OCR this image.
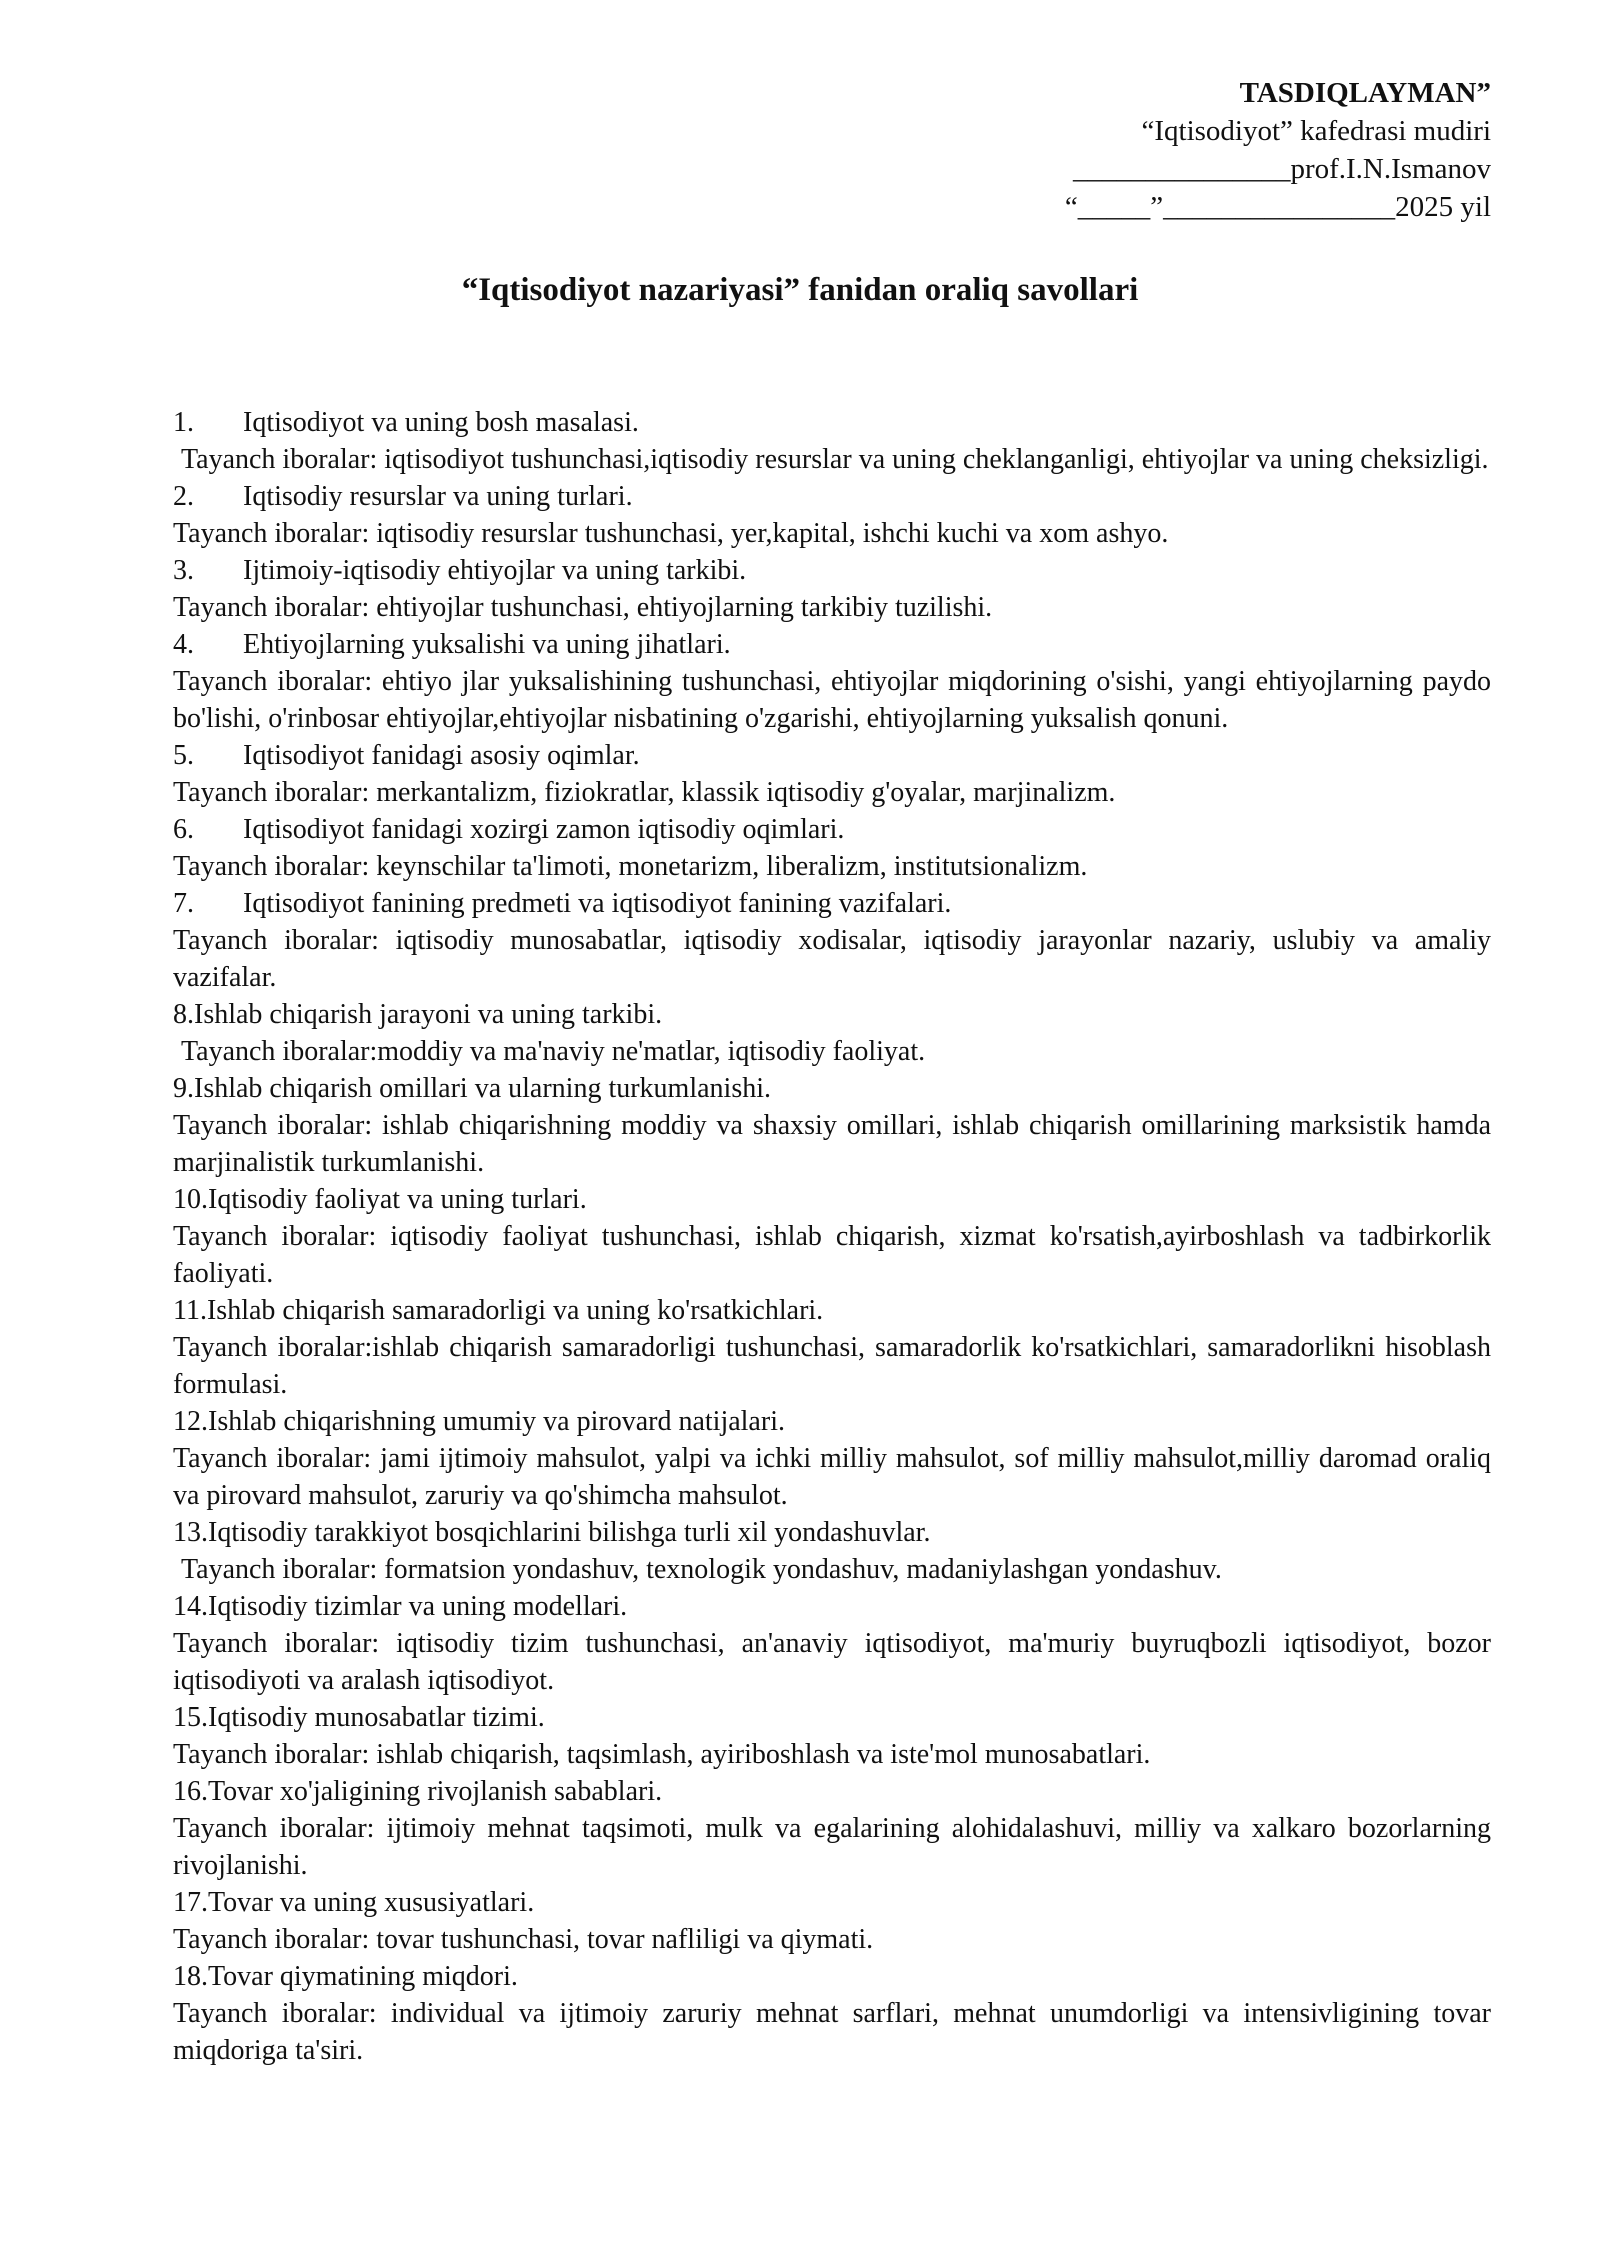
TASDIQLAYMAN”
“Iqtisodiyot” kafedrasi mudiri
_______________prof.I.N.Ismanov
“_____”________________2025 yil
“Iqtisodiyot nazariyasi” fanidan oraliq savollari

1. Iqtisodiyot va uning bosh masalasi.

Tayanch iboralar: iqtisodiyot tushunchasi,iqtisodiy resurslar va uning cheklanganligi, ehtiyojlar va uning cheksizligi.

2. Iqtisodiy resurslar va uning turlari.

Tayanch iboralar: iqtisodiy resurslar tushunchasi, yer,kapital, ishchi kuchi va xom ashyo.

3. Ijtimoiy-iqtisodiy ehtiyojlar va uning tarkibi.

Tayanch iboralar: ehtiyojlar tushunchasi, ehtiyojlarning tarkibiy tuzilishi.

4. Ehtiyojlarning yuksalishi va uning jihatlari.

Tayanch iboralar: ehtiyo jlar yuksalishining tushunchasi, ehtiyojlar miqdorining o'sishi, yangi ehtiyojlarning paydo bo'lishi, o'rinbosar ehtiyojlar,ehtiyojlar nisbatining o'zgarishi, ehtiyojlarning yuksalish qonuni.

5. Iqtisodiyot fanidagi asosiy oqimlar.

Tayanch iboralar: merkantalizm, fiziokratlar, klassik iqtisodiy g'oyalar, marjinalizm.

6. Iqtisodiyot fanidagi xozirgi zamon iqtisodiy oqimlari.

Tayanch iboralar: keynschilar ta'limoti, monetarizm, liberalizm, institutsionalizm.

7. Iqtisodiyot fanining predmeti va iqtisodiyot fanining vazifalari.

Tayanch iboralar: iqtisodiy munosabatlar, iqtisodiy xodisalar, iqtisodiy jarayonlar nazariy, uslubiy va amaliy vazifalar.

8.Ishlab chiqarish jarayoni va uning tarkibi.

Tayanch iboralar:moddiy va ma'naviy ne'matlar, iqtisodiy faoliyat.

9.Ishlab chiqarish omillari va ularning turkumlanishi.

Tayanch iboralar: ishlab chiqarishning moddiy va shaxsiy omillari, ishlab chiqarish omillarining marksistik hamda marjinalistik turkumlanishi.

10.Iqtisodiy faoliyat va uning turlari.

Tayanch iboralar: iqtisodiy faoliyat tushunchasi, ishlab chiqarish, xizmat ko'rsatish,ayirboshlash va tadbirkorlik faoliyati.

11.Ishlab chiqarish samaradorligi va uning ko'rsatkichlari.

Tayanch iboralar:ishlab chiqarish samaradorligi tushunchasi, samaradorlik ko'rsatkichlari, samaradorlikni hisoblash formulasi.

12.Ishlab chiqarishning umumiy va pirovard natijalari.

Tayanch iboralar: jami ijtimoiy mahsulot, yalpi va ichki milliy mahsulot, sof milliy mahsulot,milliy daromad oraliq va pirovard mahsulot, zaruriy va qo'shimcha mahsulot.

13.Iqtisodiy tarakkiyot bosqichlarini bilishga turli xil yondashuvlar.

Tayanch iboralar: formatsion yondashuv, texnologik yondashuv, madaniylashgan yondashuv.

14.Iqtisodiy tizimlar va uning modellari.

Tayanch iboralar: iqtisodiy tizim tushunchasi, an'anaviy iqtisodiyot, ma'muriy buyruqbozli iqtisodiyot, bozor iqtisodiyoti va aralash iqtisodiyot.

15.Iqtisodiy munosabatlar tizimi.

Tayanch iboralar: ishlab chiqarish, taqsimlash, ayiriboshlash va iste'mol munosabatlari.

16.Tovar xo'jaligining rivojlanish sabablari.

Tayanch iboralar: ijtimoiy mehnat taqsimoti, mulk va egalarining alohidalashuvi, milliy va xalkaro bozorlarning rivojlanishi.

17.Tovar va uning xususiyatlari.

Tayanch iboralar: tovar tushunchasi, tovar nafliligi va qiymati.

18.Tovar qiymatining miqdori.

Tayanch iboralar: individual va ijtimoiy zaruriy mehnat sarflari, mehnat unumdorligi va intensivligining tovar miqdoriga ta'siri.
